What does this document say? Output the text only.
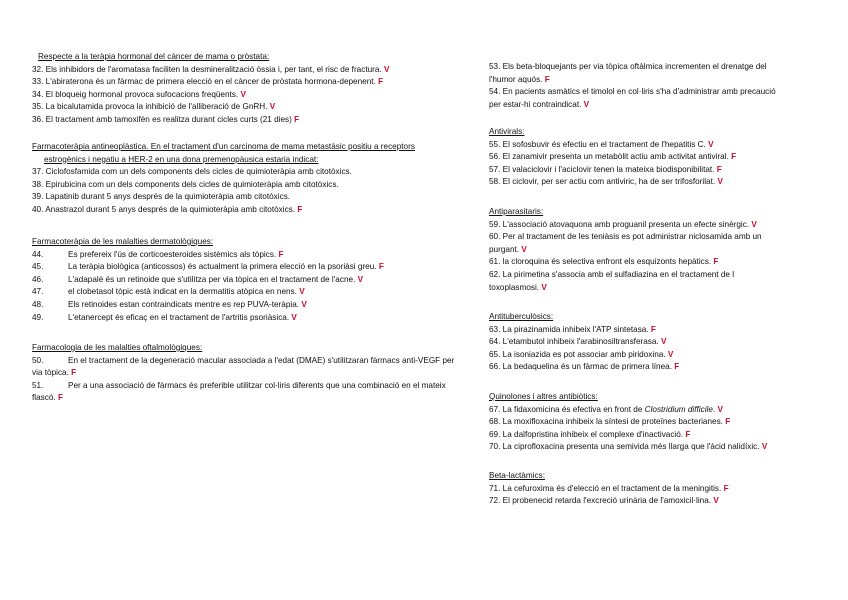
Respecte a la teràpia hormonal del càncer de mama o pròstata:

32. Els inhibidors de l'aromatasa faciliten la desmineralització òssia i, per tant, el risc de fractura. V

33. L'abiraterona és un fàrmac de primera elecció en el càncer de pròstata hormona-depenent. F

34. El bloqueig hormonal provoca sufocacions freqüents. V

35. La bicalutamida provoca la inhibició de l'alliberació de GnRH. V

36. El tractament amb tamoxifèn es realitza durant cicles curts (21 dies) F

Farmacoteràpia antineoplàstica. En el tractament d'un carcinoma de mama metastàsic positiu a receptors

estrogènics i negatiu a HER-2 en una dona premenopàusica estaria indicat:

37. Ciclofosfamida com un dels components dels cicles de quimioteràpia amb citotòxics.

38. Epirubicina com un dels components dels cicles de quimioteràpia amb citotòxics.

39. Lapatinib durant 5 anys després de la quimioteràpia amb citotòxics.

40. Anastrazol durant 5 anys després de la quimioteràpia amb citotòxics. F

Farmacoteràpia de les malalties dermatològiques:

44.	Es prefereix l'ús de corticoesteroides sistèmics als tòpics. F
45.	La teràpia biològica (anticossos) és actualment la primera elecció en la psoriàsi greu. F
46.	L'adapalè és un retinoide que s'utilitza per via tòpica en el tractament de l'acne. V
47.	el clobetasol tòpic està indicat en la dermatitis atòpica en nens. V
48.	Els retinoides estan contraindicats mentre es rep PUVA-teràpia. V
49.	L'etanercept és eficaç en el tractament de l'artritis psoriàsica. V

Farmacologia de les malalties oftalmològiques:

50.	En el tractament de la degeneració macular associada a l'edat (DMAE) s'utilitzaran fàrmacs anti-VEGF per

via tòpica. F

51.	Per a una associació de fàrmacs és preferible utilitzar col·liris diferents que una combinació en el mateix

flascó. F

53. Els beta-bloquejants per via tòpica oftàlmica incrementen el drenatge del

l'humor aquós. F

54. En pacients asmàtics el timolol en col·liris s'ha d'administrar amb precaució

per estar-hi contraindicat. V

Antivirals:

55. El sofosbuvir és efectiu en el tractament de l'hepatitis C. V

56. El zanamivir presenta un metabòlit actiu amb activitat antiviral. F

57. El valaciclovir i l'aciclovir tenen la mateixa biodisponibilitat. F

58. El ciclovir, per ser actiu com antiviric, ha de ser trifosforilat. V

Antiparasitaris:

59. L'associació atovaquona amb proguanil presenta un efecte sinèrgic. V

60. Per al tractament de les teniàsis es pot administrar niclosamida amb un

purgant. V

61. la cloroquina és selectiva enfront els esquizonts hepàtics. F

62. La pirimetina s'associa amb el sulfadiazina en el tractament de l

toxoplasmosi. V

Antituberculòsics:

63. La pirazinamida inhibeix l'ATP sintetasa. F

64. L'etambutol inhibeix l'arabinosiltransferasa. V

65. La isoniazida es pot associar amb piridoxina. V

66. La bedaquelina és un fàrmac de primera línea. F

Quinolones i altres antibiòtics:

67. La fidaxomicina és efectiva en front de Clostridium difficile. V

68. La moxifloxacina inhibeix la síntesi de proteïnes bacterianes. F

69. La dalfopristina inhibeix el complexe d'inactivació. F

70. La ciprofloxacina presenta una semivida més llarga que l'àcid nalidíxic. V

Beta-lactàmics:

71. La cefuroxima és d'elecció en el tractament de la meningitis. F

72. El probenecid retarda l'excreció urinària de l'amoxicil·lina. V
